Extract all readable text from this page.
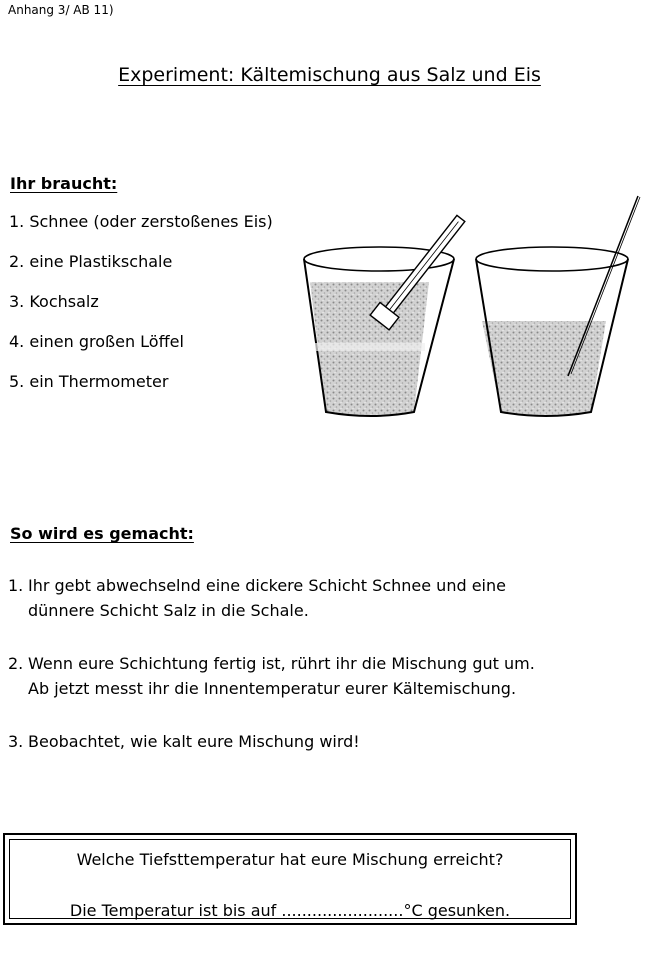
Anhang 3/ AB 11)
Experiment: Kältemischung aus Salz und Eis
Ihr braucht:
1. Schnee (oder zerstoßenes Eis)
2. eine Plastikschale
3. Kochsalz
4. einen großen Löffel
5. ein Thermometer
So wird es gemacht:
1. Ihr gebt abwechselnd eine dickere Schicht Schnee und eine
dünnere Schicht Salz in die Schale.
2. Wenn eure Schichtung fertig ist, rührt ihr die Mischung gut um.
Ab jetzt messt ihr die Innentemperatur eurer Kältemischung.
3. Beobachtet, wie kalt eure Mischung wird!
Welche Tiefsttemperatur hat eure Mischung erreicht?
Die Temperatur ist bis auf ........................°C gesunken.
